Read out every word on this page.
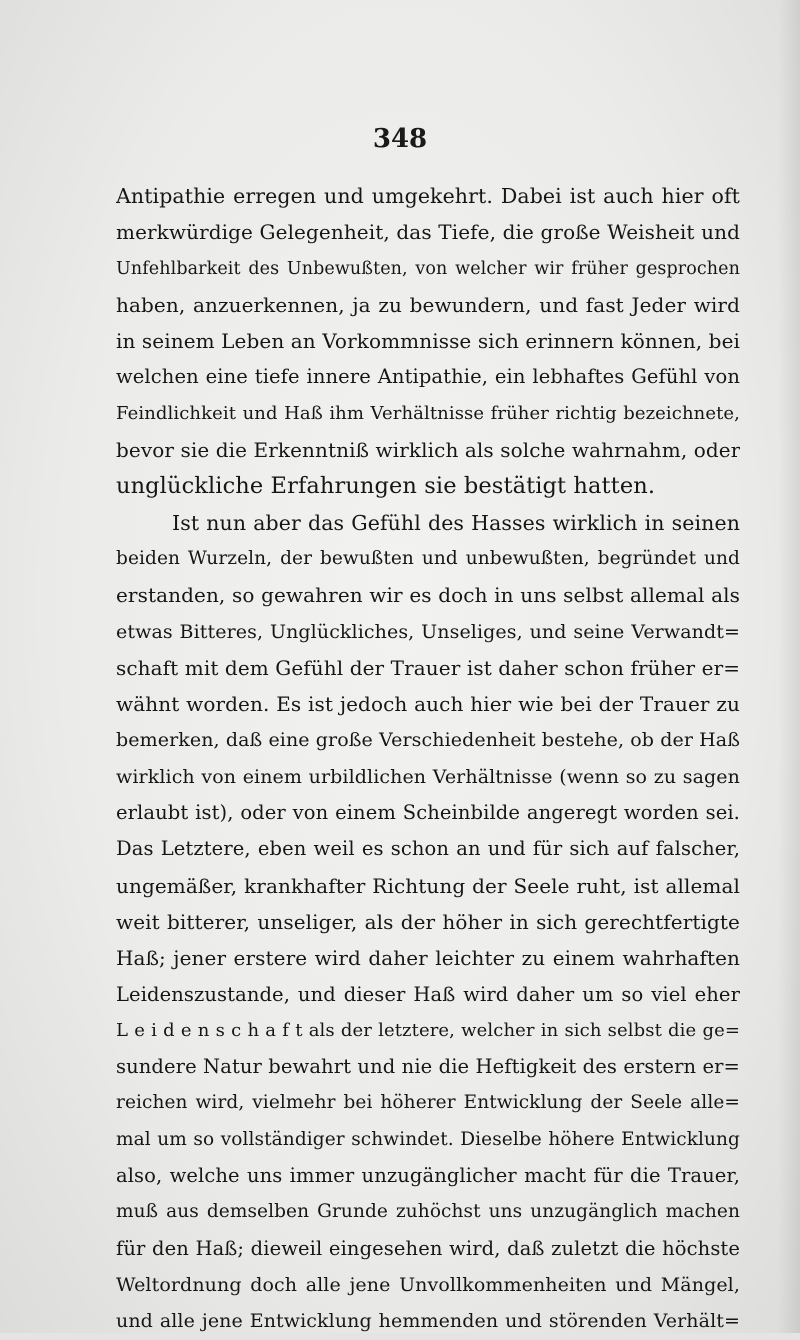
348

Antipathie erregen und umgekehrt. Dabei ist auch hier oft
merkwürdige Gelegenheit, das Tiefe, die große Weisheit und
Unfehlbarkeit des Unbewußten, von welcher wir früher gesprochen
haben, anzuerkennen, ja zu bewundern, und fast Jeder wird
in seinem Leben an Vorkommnisse sich erinnern können, bei
welchen eine tiefe innere Antipathie, ein lebhaftes Gefühl von
Feindlichkeit und Haß ihm Verhältnisse früher richtig bezeichnete,
bevor sie die Erkenntniß wirklich als solche wahrnahm, oder
unglückliche Erfahrungen sie bestätigt hatten.
Ist nun aber das Gefühl des Hasses wirklich in seinen
beiden Wurzeln, der bewußten und unbewußten, begründet und
erstanden, so gewahren wir es doch in uns selbst allemal als
etwas Bitteres, Unglückliches, Unseliges, und seine Verwandt=
schaft mit dem Gefühl der Trauer ist daher schon früher er=
wähnt worden. Es ist jedoch auch hier wie bei der Trauer zu
bemerken, daß eine große Verschiedenheit bestehe, ob der Haß
wirklich von einem urbildlichen Verhältnisse (wenn so zu sagen
erlaubt ist), oder von einem Scheinbilde angeregt worden sei.
Das Letztere, eben weil es schon an und für sich auf falscher,
ungemäßer, krankhafter Richtung der Seele ruht, ist allemal
weit bitterer, unseliger, als der höher in sich gerechtfertigte
Haß; jener erstere wird daher leichter zu einem wahrhaften
Leidenszustande, und dieser Haß wird daher um so viel eher
L e i d e n s c h a f t als der letztere, welcher in sich selbst die ge=
sundere Natur bewahrt und nie die Heftigkeit des erstern er=
reichen wird, vielmehr bei höherer Entwicklung der Seele alle=
mal um so vollständiger schwindet. Dieselbe höhere Entwicklung
also, welche uns immer unzugänglicher macht für die Trauer,
muß aus demselben Grunde zuhöchst uns unzugänglich machen
für den Haß; dieweil eingesehen wird, daß zuletzt die höchste
Weltordnung doch alle jene Unvollkommenheiten und Mängel,
und alle jene Entwicklung hemmenden und störenden Verhält=
